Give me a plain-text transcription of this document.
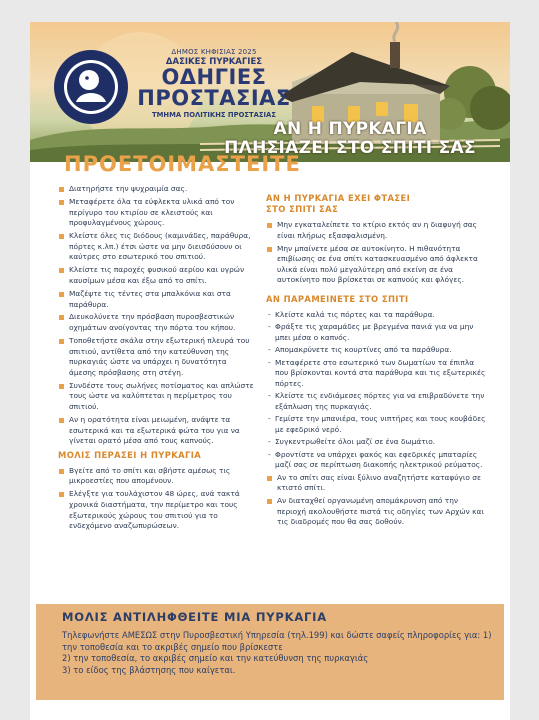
ΔΗΜΟΣ ΚΗΦΙΣΙΑΣ 2025
ΔΑΣΙΚΕΣ ΠΥΡΚΑΓΙΕΣ
ΟΔΗΓΙΕΣ
ΠΡΟΣΤΑΣΙΑΣ
ΤΜΗΜΑ ΠΟΛΙΤΙΚΗΣ ΠΡΟΣΤΑΣΙΑΣ
ΑΝ Η ΠΥΡΚΑΓΙΑ
ΠΛΗΣΙΑΖΕΙ ΣΤΟ ΣΠΙΤΙ ΣΑΣ
ΠΡΟΕΤΟΙΜΑΣΤΕΙΤΕ
Διατηρήστε την ψυχραιμία σας.
Μεταφέρετε όλα τα εύφλεκτα υλικά από τον περίγυρο του κτιρίου σε κλειστούς και προφυλαγμένους χώρους.
Κλείστε όλες τις διόδους (καμινάδες, παράθυρα, πόρτες κ.λπ.) έτσι ώστε να μην διεισδύσουν οι καύτρες στο εσωτερικό του σπιτιού.
Κλείστε τις παροχές φυσικού αερίου και υγρών καυσίμων μέσα και έξω από το σπίτι.
Μαζέψτε τις τέντες στα μπαλκόνια και στα παράθυρα.
Διευκολύνετε την πρόσβαση πυροσβεστικών οχημάτων ανοίγοντας την πόρτα του κήπου.
Τοποθετήστε σκάλα στην εξωτερική πλευρά του σπιτιού, αντίθετα από την κατεύθυνση της πυρκαγιάς ώστε να υπάρχει η δυνατότητα άμεσης πρόσβασης στη στέγη.
Συνδέστε τους σωλήνες ποτίσματος και απλώστε τους ώστε να καλύπτεται η περίμετρος του σπιτιού.
Αν η ορατότητα είναι μειωμένη, ανάψτε τα εσωτερικά και τα εξωτερικά φώτα του για να γίνεται ορατό μέσα από τους καπνούς.
ΜΟΛΙΣ ΠΕΡΑΣΕΙ Η ΠΥΡΚΑΓΙΑ
Βγείτε από το σπίτι και σβήστε αμέσως τις μικροεστίες που απομένουν.
Ελέγξτε για τουλάχιστον 48 ώρες, ανά τακτά χρονικά διαστήματα, την περίμετρο και τους εξωτερικούς χώρους του σπιτιού για το ενδεχόμενο αναζωπυρώσεων.
ΑΝ Η ΠΥΡΚΑΓΙΑ ΕΧΕΙ ΦΤΑΣΕΙ
ΣΤΟ ΣΠΙΤΙ ΣΑΣ
Μην εγκαταλείπετε το κτίριο εκτός αν η διαφυγή σας είναι πλήρως εξασφαλισμένη.
Μην μπαίνετε μέσα σε αυτοκίνητο. Η πιθανότητα επιβίωσης σε ένα σπίτι κατασκευασμένο από άφλεκτα υλικά είναι πολύ μεγαλύτερη από εκείνη σε ένα αυτοκίνητο που βρίσκεται σε καπνούς και φλόγες.
ΑΝ ΠΑΡΑΜΕΙΝΕΤΕ ΣΤΟ ΣΠΙΤΙ
- Κλείστε καλά τις πόρτες και τα παράθυρα.
- Φράξτε τις χαραμάδες με βρεγμένα πανιά για να μην μπει μέσα ο καπνός.
- Απομακρύνετε τις κουρτίνες από τα παράθυρα.
- Μεταφέρετε στο εσωτερικό των δωματίων τα έπιπλα που βρίσκονται κοντά στα παράθυρα και τις εξωτερικές πόρτες.
- Κλείστε τις ενδιάμεσες πόρτες για να επιβραδύνετε την εξάπλωση της πυρκαγιάς.
- Γεμίστε την μπανιέρα, τους νιπτήρες και τους κουβάδες με εφεδρικό νερό.
- Συγκεντρωθείτε όλοι μαζί σε ένα δωμάτιο.
- Φροντίστε να υπάρχει φακός και εφεδρικές μπαταρίες μαζί σας σε περίπτωση διακοπής ηλεκτρικού ρεύματος.
Αν το σπίτι σας είναι ξύλινο αναζητήστε καταφύγιο σε κτιστό σπίτι.
Αν διαταχθεί οργανωμένη απομάκρυνση από την περιοχή ακολουθήστε πιστά τις οδηγίες των Αρχών και τις διαδρομές που θα σας δοθούν.
ΜΟΛΙΣ ΑΝΤΙΛΗΦΘΕΙΤΕ ΜΙΑ ΠΥΡΚΑΓΙΑ
Τηλεφωνήστε ΑΜΕΣΩΣ στην Πυροσβεστική Υπηρεσία (τηλ.199) και δώστε σαφείς πληροφορίες για: 1) την τοποθεσία και το ακριβές σημείο που βρίσκεστε
2) την τοποθεσία, το ακριβές σημείο και την κατεύθυνση της πυρκαγιάς
3) το είδος της βλάστησης που καίγεται.
